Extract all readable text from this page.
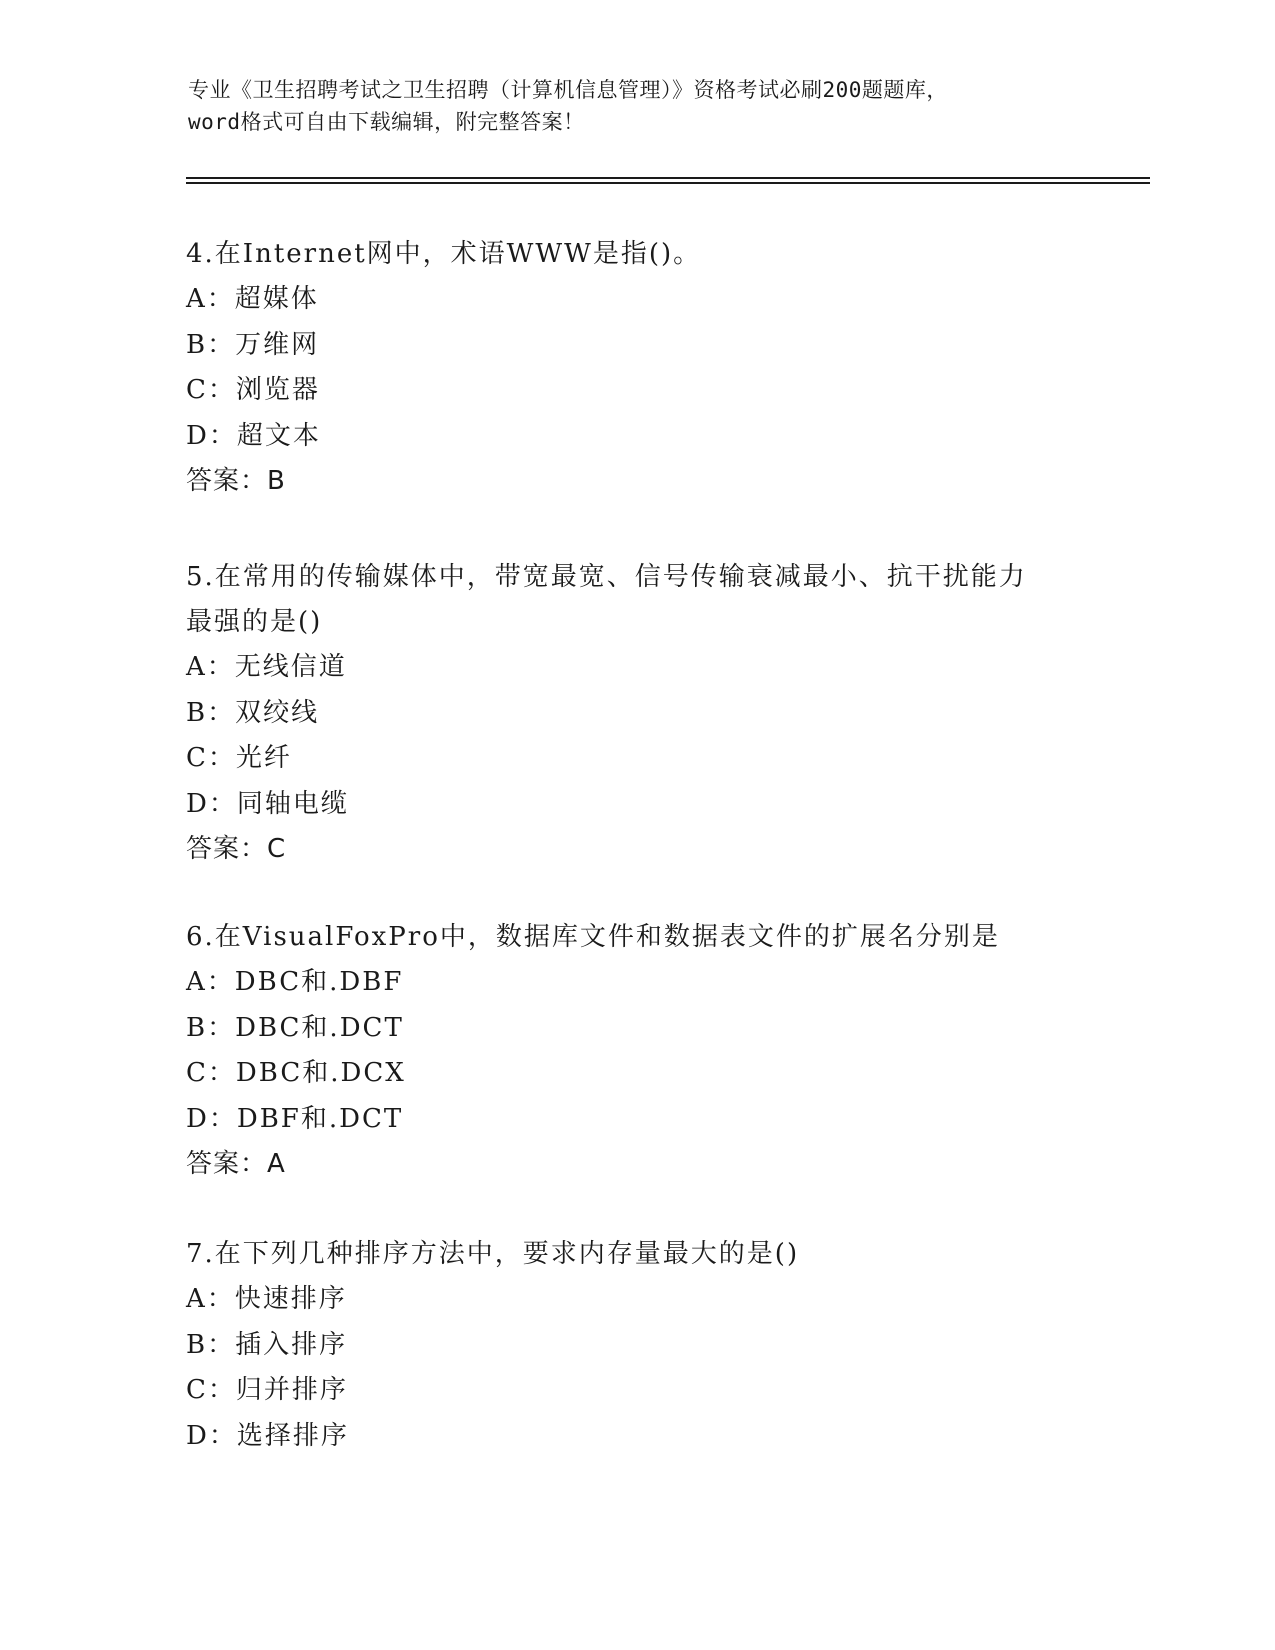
专业《卫生招聘考试之卫生招聘（计算机信息管理）》资格考试必刷200题题库，
word格式可自由下载编辑，附完整答案！

4.在Internet网中，术语WWW是指()。

A：超媒体

B：万维网

C：浏览器

D：超文本

答案：B

5.在常用的传输媒体中，带宽最宽、信号传输衰减最小、抗干扰能力

最强的是()

A：无线信道

B：双绞线

C：光纤

D：同轴电缆

答案：C

6.在VisualFoxPro中，数据库文件和数据表文件的扩展名分别是

A：DBC和.DBF

B：DBC和.DCT

C：DBC和.DCX

D：DBF和.DCT

答案：A

7.在下列几种排序方法中，要求内存量最大的是()

A：快速排序

B：插入排序

C：归并排序

D：选择排序
